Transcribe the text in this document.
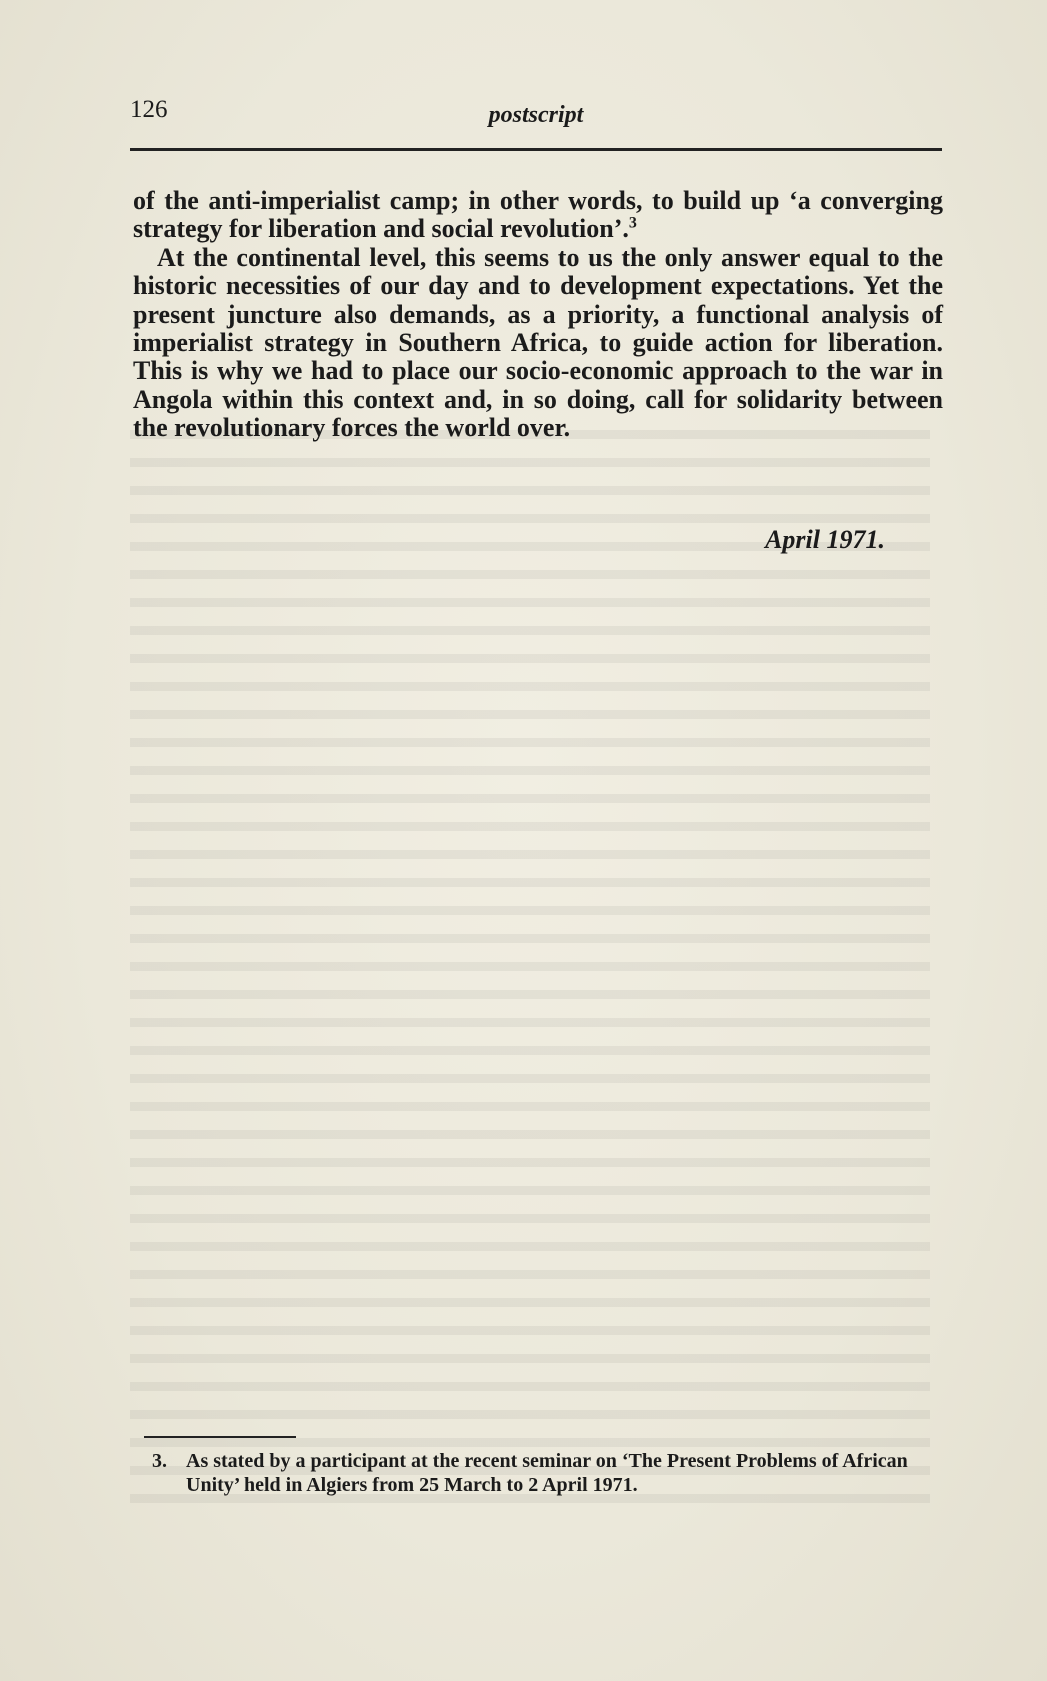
126	postscript

of the anti-imperialist camp; in other words, to build up ‘a converging strategy for liberation and social revolution’.$^3$

At the continental level, this seems to us the only answer equal to the historic necessities of our day and to development expectations. Yet the present juncture also demands, as a priority, a functional analysis of imperialist strategy in Southern Africa, to guide action for liberation. This is why we had to place our socio-economic approach to the war in Angola within this context and, in so doing, call for solidarity between the revolutionary forces the world over.

April 1971.
3. As stated by a participant at the recent seminar on ‘The Present Problems of African Unity’ held in Algiers from 25 March to 2 April 1971.
